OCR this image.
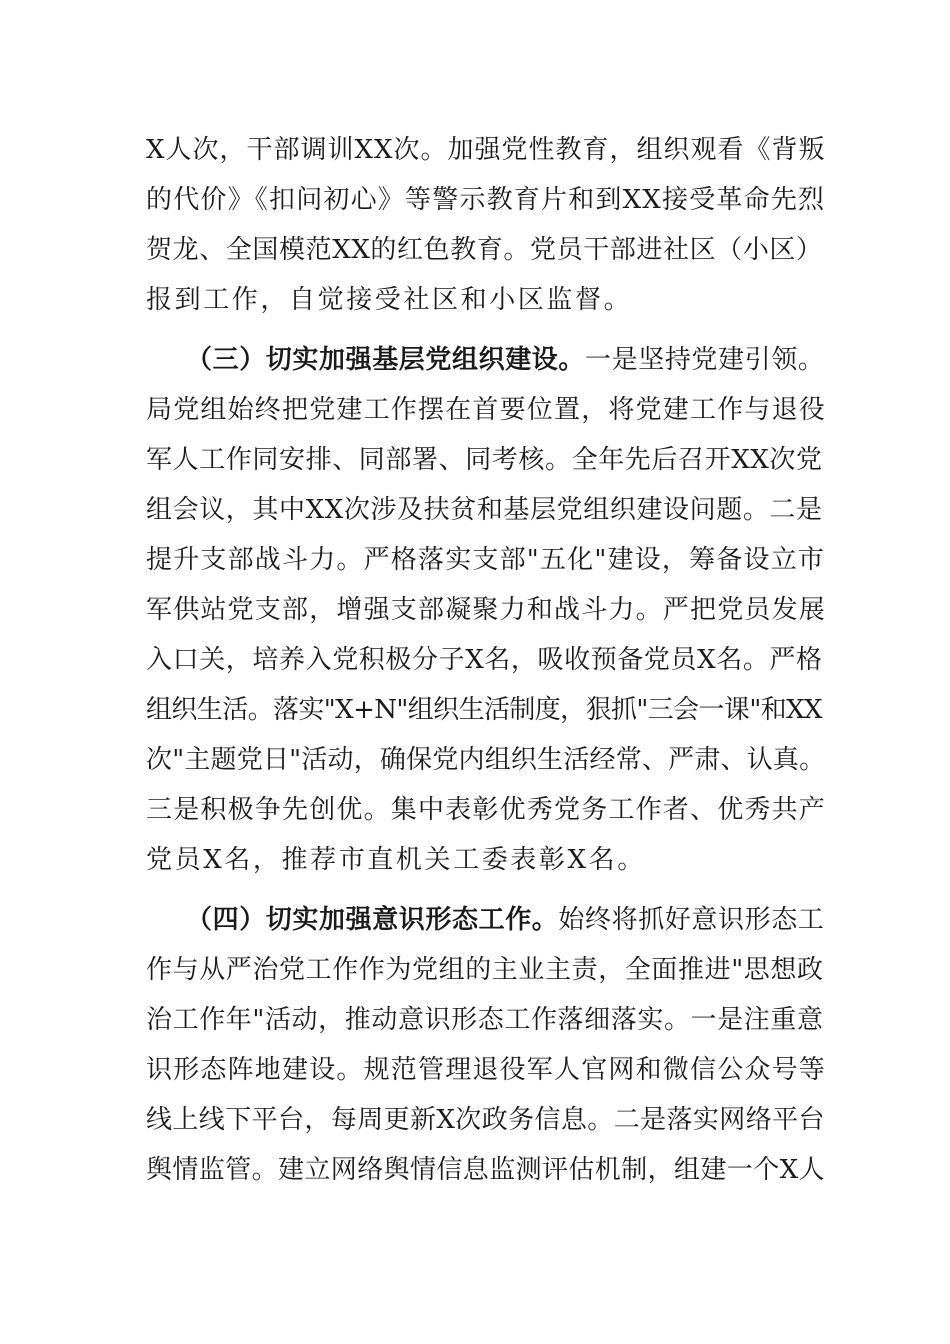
X人次，干部调训XX次。加强党性教育，组织观看《背叛
的代价》《扣问初心》等警示教育片和到XX接受革命先烈
贺龙、全国模范XX的红色教育。党员干部进社区（小区）
报到工作，自觉接受社区和小区监督。
（三）切实加强基层党组织建设。一是坚持党建引领。
局党组始终把党建工作摆在首要位置，将党建工作与退役
军人工作同安排、同部署、同考核。全年先后召开XX次党
组会议，其中XX次涉及扶贫和基层党组织建设问题。二是
提升支部战斗力。严格落实支部"五化"建设，筹备设立市
军供站党支部，增强支部凝聚力和战斗力。严把党员发展
入口关，培养入党积极分子X名，吸收预备党员X名。严格
组织生活。落实"X+N"组织生活制度，狠抓"三会一课"和XX
次"主题党日"活动，确保党内组织生活经常、严肃、认真。
三是积极争先创优。集中表彰优秀党务工作者、优秀共产
党员X名，推荐市直机关工委表彰X名。
（四）切实加强意识形态工作。始终将抓好意识形态工
作与从严治党工作作为党组的主业主责，全面推进"思想政
治工作年"活动，推动意识形态工作落细落实。一是注重意
识形态阵地建设。规范管理退役军人官网和微信公众号等
线上线下平台，每周更新X次政务信息。二是落实网络平台
舆情监管。建立网络舆情信息监测评估机制，组建一个X人
